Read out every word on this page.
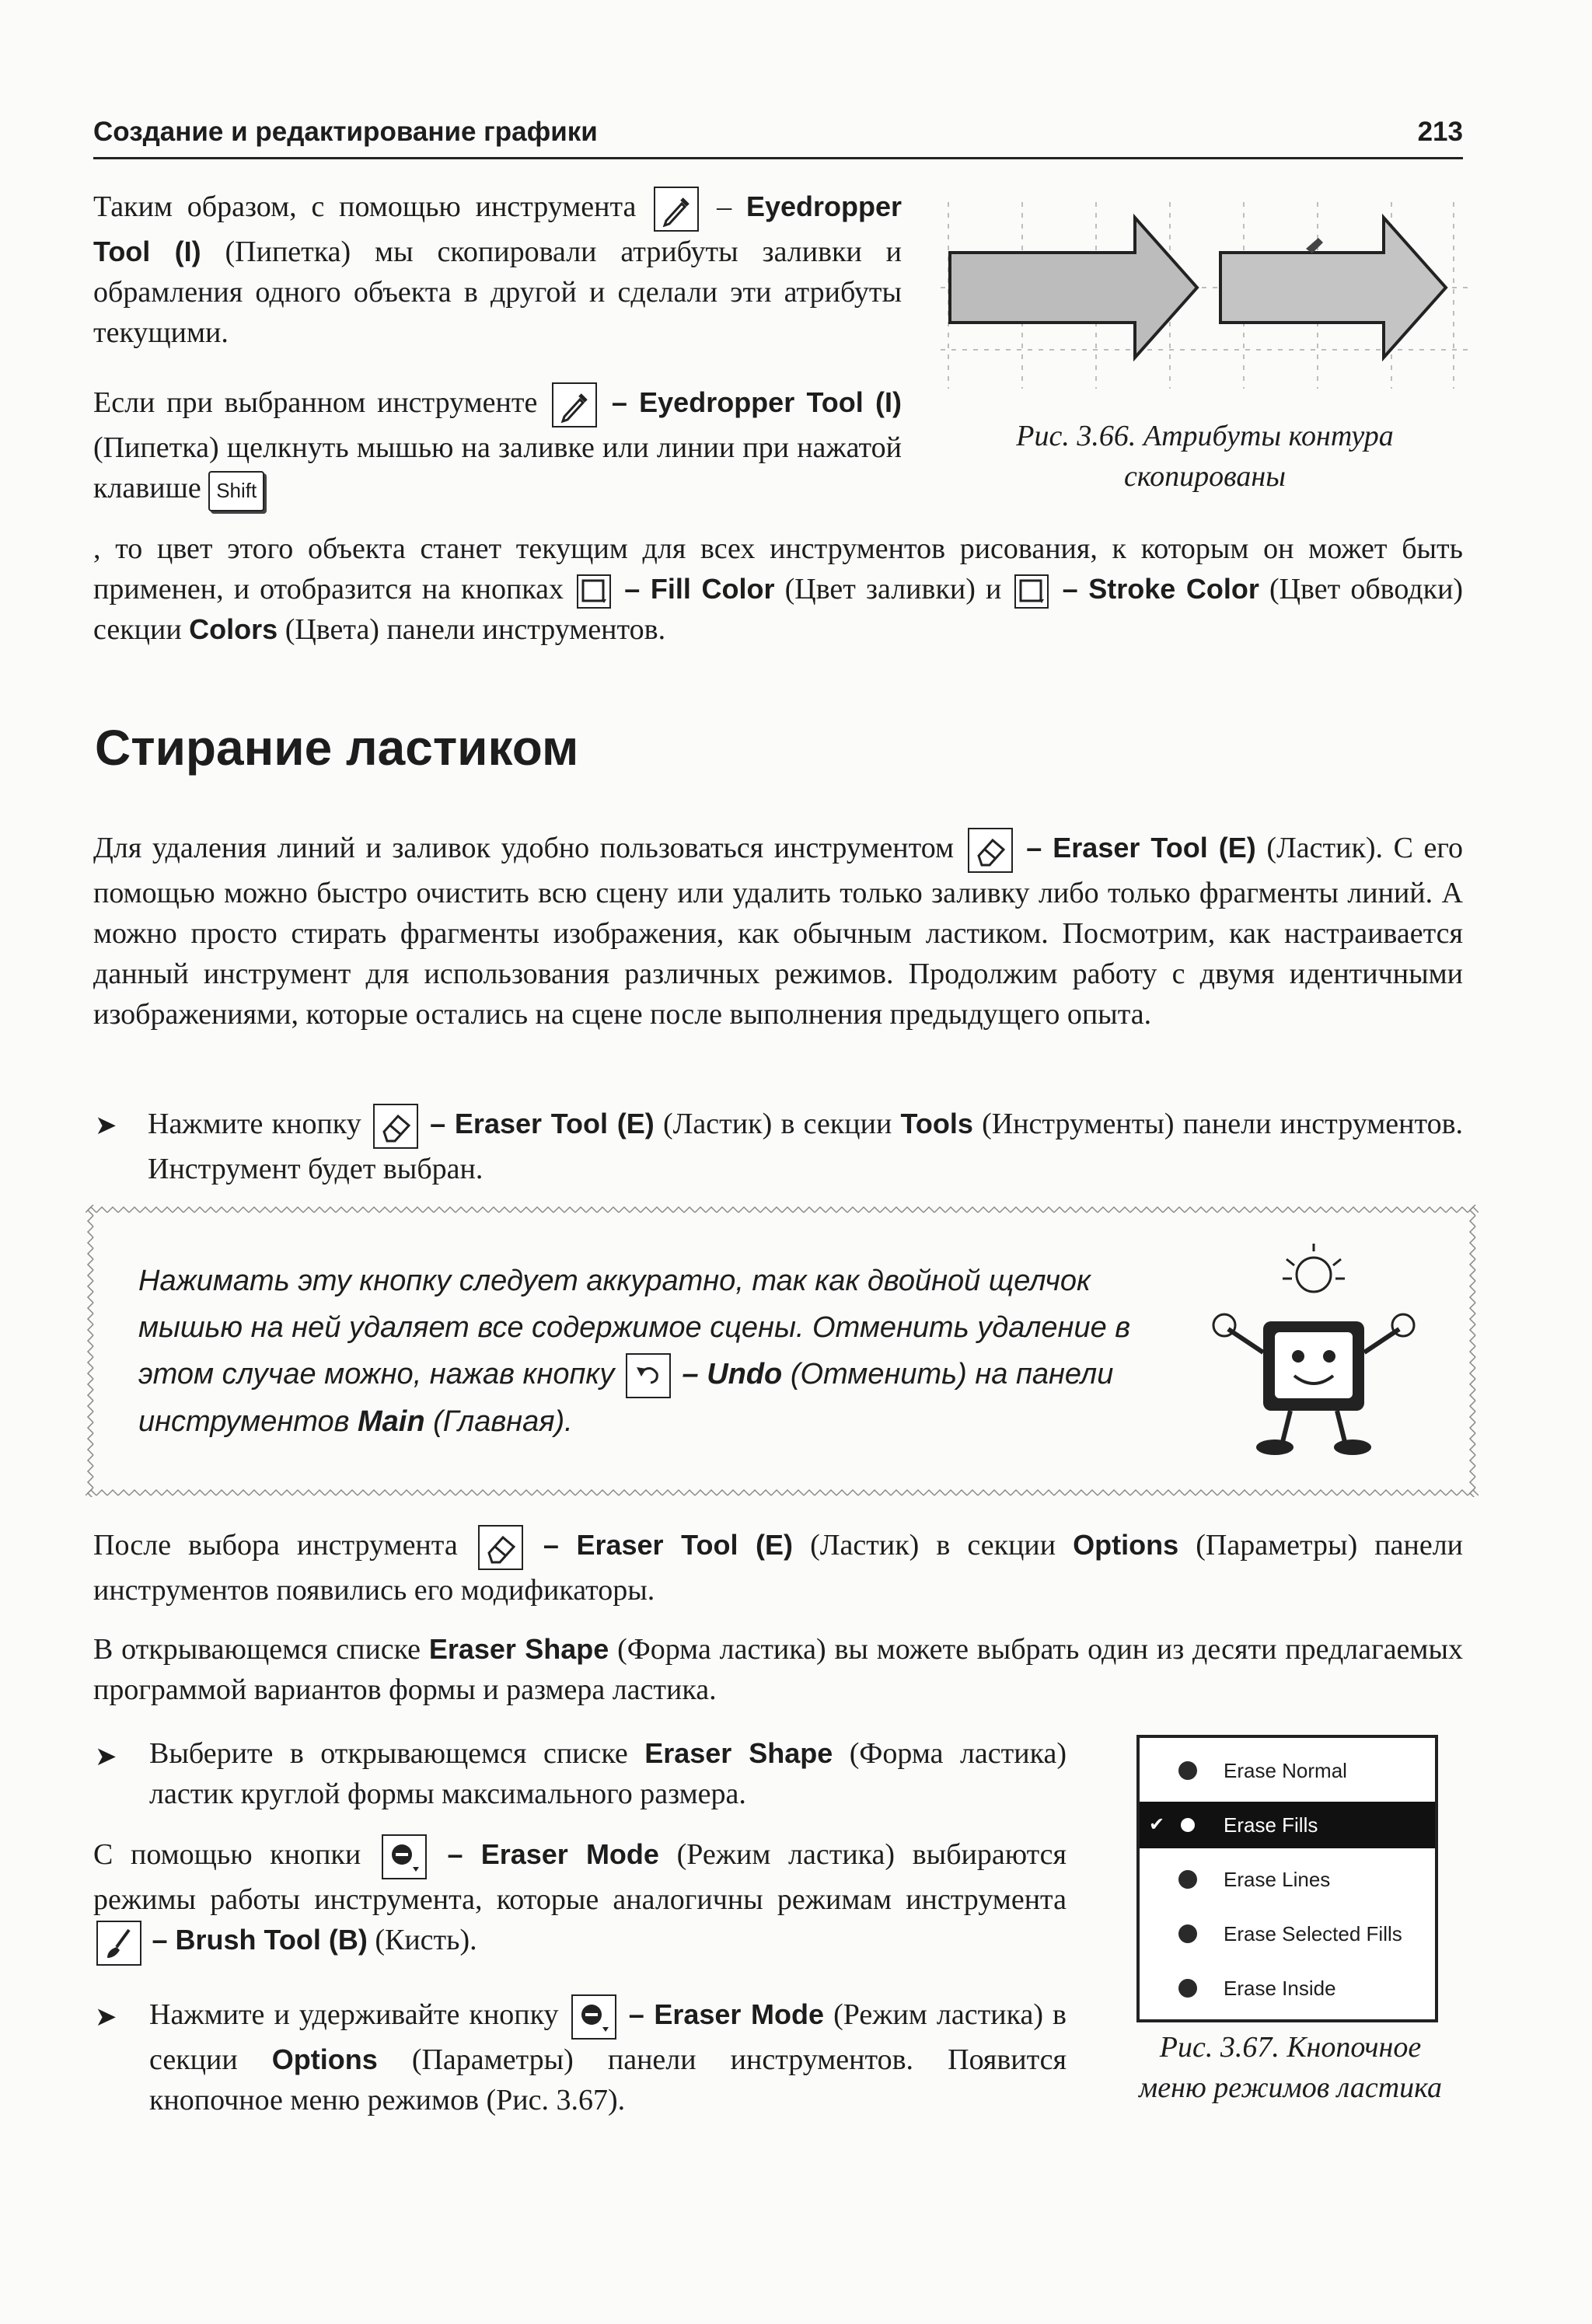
Создание и редактирование графики	213
Таким образом, с помощью инструмента
– Eyedropper Tool (I) (Пипетка) мы скопировали атрибуты заливки и обрамления одного объекта в другой и сделали эти атрибуты текущими.
Рис. 3.66. Атрибуты контура
скопированы
Если при выбранном инструменте	– Eyedropper Tool (I) (Пипетка) щелкнуть мышью на заливке или линии при нажатой клавише Shift
, то цвет этого объекта станет текущим для всех инструментов рисования, к которым он может быть применен, и отобразится на кнопках – Fill Color (Цвет заливки) и – Stroke Color (Цвет обводки) секции Colors (Цвета) панели инструментов.
Стирание ластиком
Для удаления линий и заливок удобно пользоваться инструментом	– Eraser Tool (E) (Ластик). С его помощью можно быстро очистить всю сцену или удалить только заливку либо только фрагменты линий. А можно просто стирать фрагменты изображения, как обычным ластиком. Посмотрим, как настраивается данный инструмент для использования различных режимов. Продолжим работу с двумя идентичными изображениями, которые остались на сцене после выполнения предыдущего опыта.
➤ Нажмите кнопку – Eraser Tool (E) (Ластик) в секции Tools (Инструменты) панели инструментов. Инструмент будет выбран.
Нажимать эту кнопку следует аккуратно, так как двойной щелчок мышью на ней удаляет все содержимое сцены. Отменить удаление в этом случае можно, нажав кнопку – Undo (Отменить) на панели инструментов Main (Главная).
После выбора инструмента	– Eraser Tool (E) (Ластик) в секции Options (Параметры) панели инструментов появились его модификаторы.
В открывающемся списке Eraser Shape (Форма ластика) вы можете выбрать один из десяти предлагаемых программой вариантов формы и размера ластика.
➤ Выберите в открывающемся списке Eraser Shape (Форма ластика) ластик круглой формы максимального размера.
С помощью кнопки	– Eraser Mode (Режим ластика) выбираются режимы работы инструмента, которые аналогичны режимам инструмента
– Brush Tool (B) (Кисть).
➤ Нажмите и удерживайте кнопку	– Eraser Mode (Режим ластика) в секции Options (Параметры) панели инструментов. Появится кнопочное меню режимов (Рис. 3.67).
Erase Normal
✔	Erase Fills
Erase Lines
Erase Selected Fills
Erase Inside
Рис. 3.67. Кнопочное
меню режимов ластика
